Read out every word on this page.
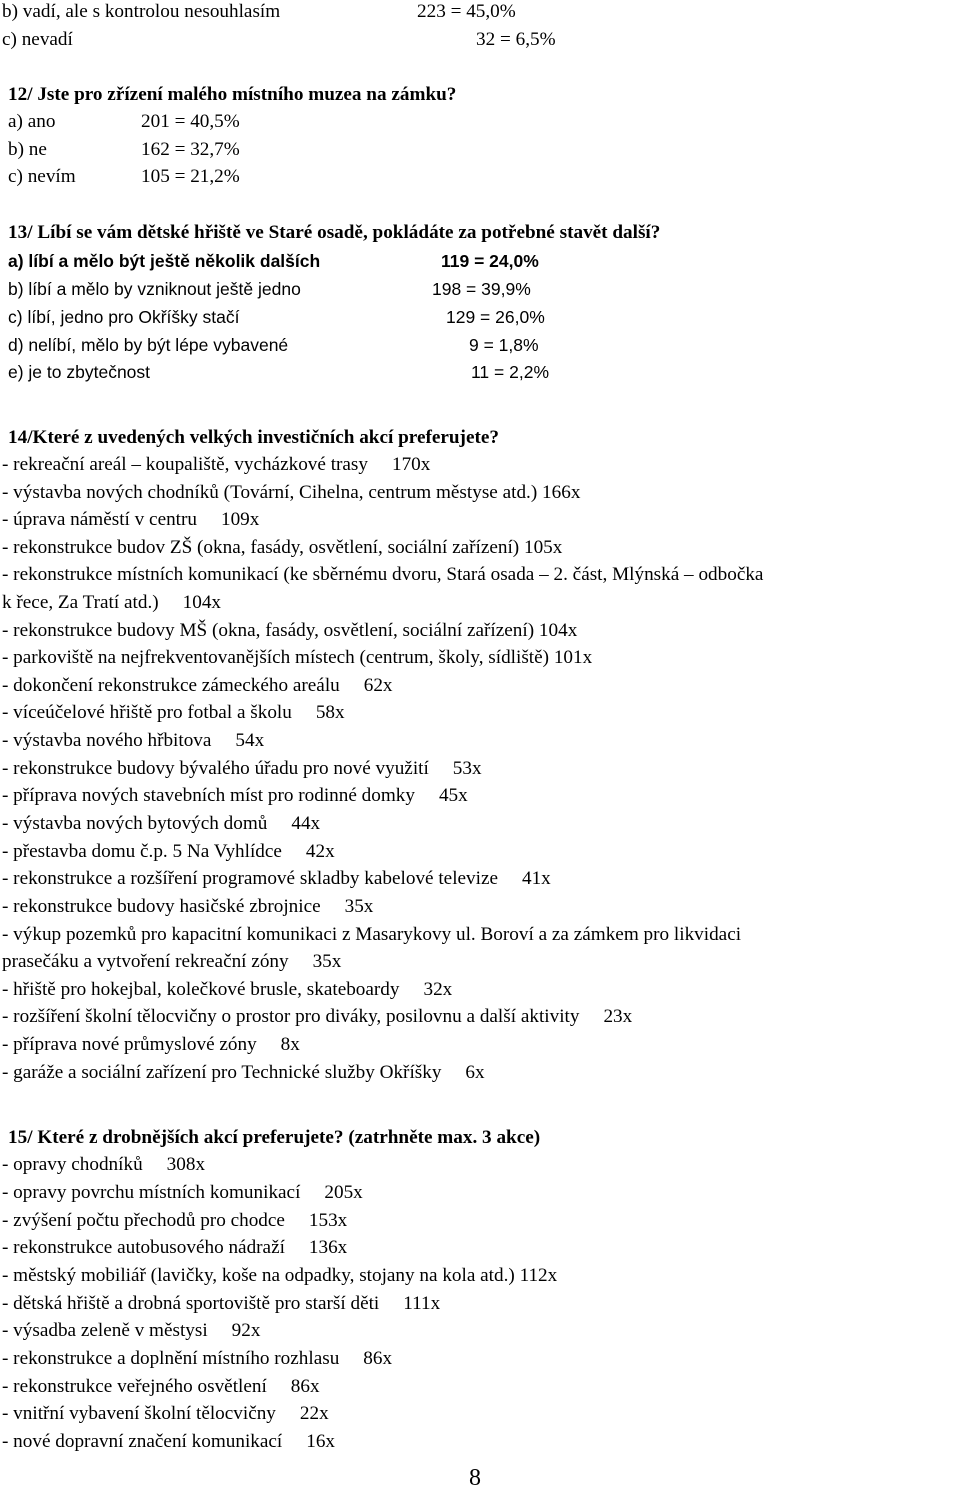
b) vadí, ale s kontrolou nesouhlasím	223 = 45,0%
c) nevadí	32 = 6,5%
12/ Jste pro zřízení malého místního muzea na zámku?
a) ano	201 = 40,5%
b) ne	162 = 32,7%
c) nevím	105 = 21,2%
13/ Líbí se vám dětské hřiště ve Staré osadě, pokládáte za potřebné stavět další?
a) líbí a mělo být ještě několik dalších	119 = 24,0%
b) líbí a mělo by vzniknout ještě jedno	198 = 39,9%
c) líbí, jedno pro Okříšky stačí	129 = 26,0%
d) nelíbí, mělo by být lépe vybavené	9 = 1,8%
e) je to zbytečnost	11 = 2,2%
14/Které z uvedených velkých investičních akcí preferujete?
- rekreační areál – koupaliště, vycházkové trasy     170x
- výstavba nových chodníků (Tovární, Cihelna, centrum městyse atd.) 166x
- úprava náměstí v centru     109x
- rekonstrukce budov ZŠ (okna, fasády, osvětlení, sociální zařízení) 105x
- rekonstrukce místních komunikací (ke sběrnému dvoru, Stará osada – 2. část, Mlýnská – odbočka
k řece, Za Tratí atd.)     104x
- rekonstrukce budovy MŠ (okna, fasády, osvětlení, sociální zařízení) 104x
- parkoviště na nejfrekventovanějších místech (centrum, školy, sídliště) 101x
- dokončení rekonstrukce zámeckého areálu     62x
- víceúčelové hřiště pro fotbal a školu     58x
- výstavba nového hřbitova     54x
- rekonstrukce budovy bývalého úřadu pro nové využití     53x
- příprava nových stavebních míst pro rodinné domky     45x
- výstavba nových bytových domů     44x
- přestavba domu č.p. 5 Na Vyhlídce     42x
- rekonstrukce a rozšíření programové skladby kabelové televize     41x
- rekonstrukce budovy hasičské zbrojnice     35x
- výkup pozemků pro kapacitní komunikaci z Masarykovy ul. Boroví a za zámkem pro likvidaci
prasečáku a vytvoření rekreační zóny     35x
- hřiště pro hokejbal, kolečkové brusle, skateboardy     32x
- rozšíření školní tělocvičny o prostor pro diváky, posilovnu a další aktivity     23x
- příprava nové průmyslové zóny     8x
- garáže a sociální zařízení pro Technické služby Okříšky     6x
15/ Které z drobnějších akcí preferujete? (zatrhněte max. 3 akce)
- opravy chodníků     308x
- opravy povrchu místních komunikací     205x
- zvýšení počtu přechodů pro chodce     153x
- rekonstrukce autobusového nádraží     136x
- městský mobiliář (lavičky, koše na odpadky, stojany na kola atd.) 112x
- dětská hřiště a drobná sportoviště pro starší děti     111x
- výsadba zeleně v městysi     92x
- rekonstrukce a doplnění místního rozhlasu     86x
- rekonstrukce veřejného osvětlení     86x
- vnitřní vybavení školní tělocvičny     22x
- nové dopravní značení komunikací     16x
8
